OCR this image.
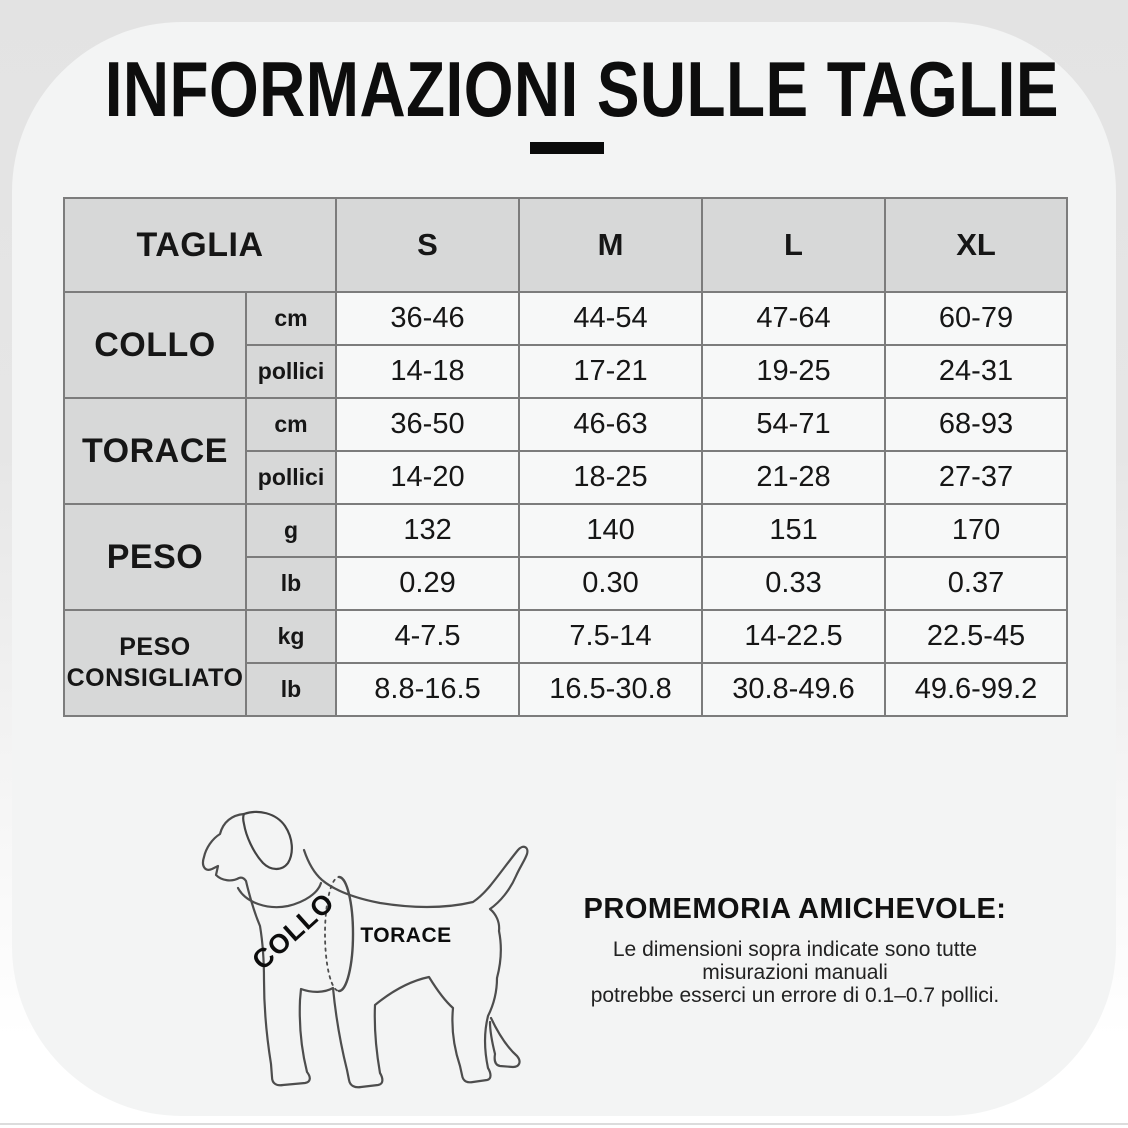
INFORMAZIONI SULLE TAGLIE
TAGLIA		S	M	L	XL
COLLO	cm	36-46	44-54	47-64	60-79
	pollici	14-18	17-21	19-25	24-31
TORACE	cm	36-50	46-63	54-71	68-93
	pollici	14-20	18-25	21-28	27-37
PESO	g	132	140	151	170
	lb	0.29	0.30	0.33	0.37
PESO CONSIGLIATO	kg	4-7.5	7.5-14	14-22.5	22.5-45
	lb	8.8-16.5	16.5-30.8	30.8-49.6	49.6-99.2
COLLO TORACE
PROMEMORIA AMICHEVOLE:
Le dimensioni sopra indicate sono tutte
misurazioni manuali
potrebbe esserci un errore di 0.1–0.7 pollici.
